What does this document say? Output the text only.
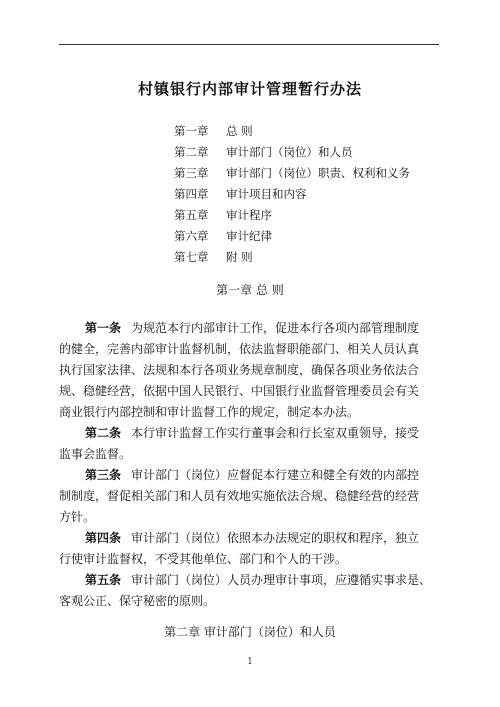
村镇银行内部审计管理暂行办法
第一章 总 则
第二章 审计部门（岗位）和人员
第三章 审计部门（岗位）职责、权利和义务
第四章 审计项目和内容
第五章 审计程序
第六章 审计纪律
第七章 附 则
第一章 总 则
第一条 为规范本行内部审计工作，促进本行各项内部管理制度
的健全，完善内部审计监督机制，依法监督职能部门、相关人员认真
执行国家法律、法规和本行各项业务规章制度，确保各项业务依法合
规、稳健经营，依据中国人民银行、中国银行业监督管理委员会有关
商业银行内部控制和审计监督工作的规定，制定本办法。
第二条 本行审计监督工作实行董事会和行长室双重领导，接受
监事会监督。
第三条 审计部门（岗位）应督促本行建立和健全有效的内部控
制制度，督促相关部门和人员有效地实施依法合规、稳健经营的经营
方针。
第四条 审计部门（岗位）依照本办法规定的职权和程序，独立
行使审计监督权，不受其他单位、部门和个人的干涉。
第五条 审计部门（岗位）人员办理审计事项，应遵循实事求是、
客观公正、保守秘密的原则。
第二章 审计部门（岗位）和人员
1
